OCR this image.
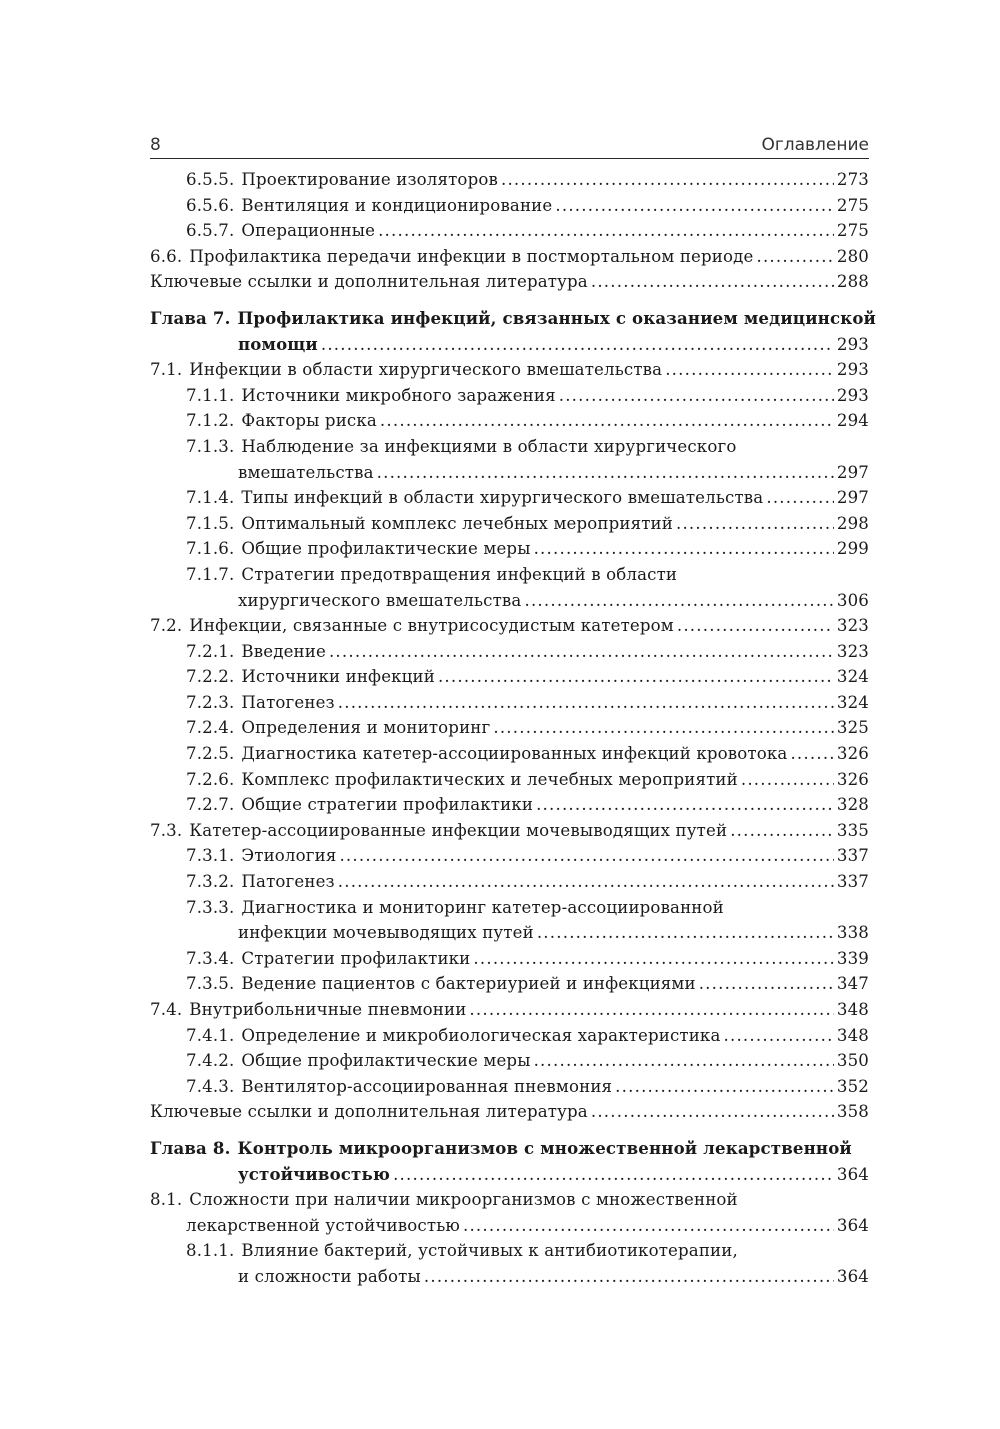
8	Оглавление
6.5.5. Проектирование изоляторов .....	273
6.5.6. Вентиляция и кондиционирование .....	275
6.5.7. Операционные .....	275
6.6. Профилактика передачи инфекции в постмортальном периоде .....	280
Ключевые ссылки и дополнительная литература .....	288
Глава 7. Профилактика инфекций, связанных с оказанием медицинской
помощи .....	293
7.1. Инфекции в области хирургического вмешательства .....	293
7.1.1. Источники микробного заражения .....	293
7.1.2. Факторы риска .....	294
7.1.3. Наблюдение за инфекциями в области хирургического
вмешательства .....	297
7.1.4. Типы инфекций в области хирургического вмешательства .....	297
7.1.5. Оптимальный комплекс лечебных мероприятий .....	298
7.1.6. Общие профилактические меры .....	299
7.1.7. Стратегии предотвращения инфекций в области
хирургического вмешательства .....	306
7.2. Инфекции, связанные с внутрисосудистым катетером .....	323
7.2.1. Введение .....	323
7.2.2. Источники инфекций .....	324
7.2.3. Патогенез .....	324
7.2.4. Определения и мониторинг .....	325
7.2.5. Диагностика катетер-ассоциированных инфекций кровотока .....	326
7.2.6. Комплекс профилактических и лечебных мероприятий .....	326
7.2.7. Общие стратегии профилактики .....	328
7.3. Катетер-ассоциированные инфекции мочевыводящих путей .....	335
7.3.1. Этиология .....	337
7.3.2. Патогенез .....	337
7.3.3. Диагностика и мониторинг катетер-ассоциированной
инфекции мочевыводящих путей .....	338
7.3.4. Стратегии профилактики .....	339
7.3.5. Ведение пациентов с бактериурией и инфекциями .....	347
7.4. Внутрибольничные пневмонии .....	348
7.4.1. Определение и микробиологическая характеристика .....	348
7.4.2. Общие профилактические меры .....	350
7.4.3. Вентилятор-ассоциированная пневмония .....	352
Ключевые ссылки и дополнительная литература .....	358
Глава 8. Контроль микроорганизмов с множественной лекарственной
устойчивостью .....	364
8.1. Сложности при наличии микроорганизмов с множественной
лекарственной устойчивостью .....	364
8.1.1. Влияние бактерий, устойчивых к антибиотикотерапии,
и сложности работы .....	364
